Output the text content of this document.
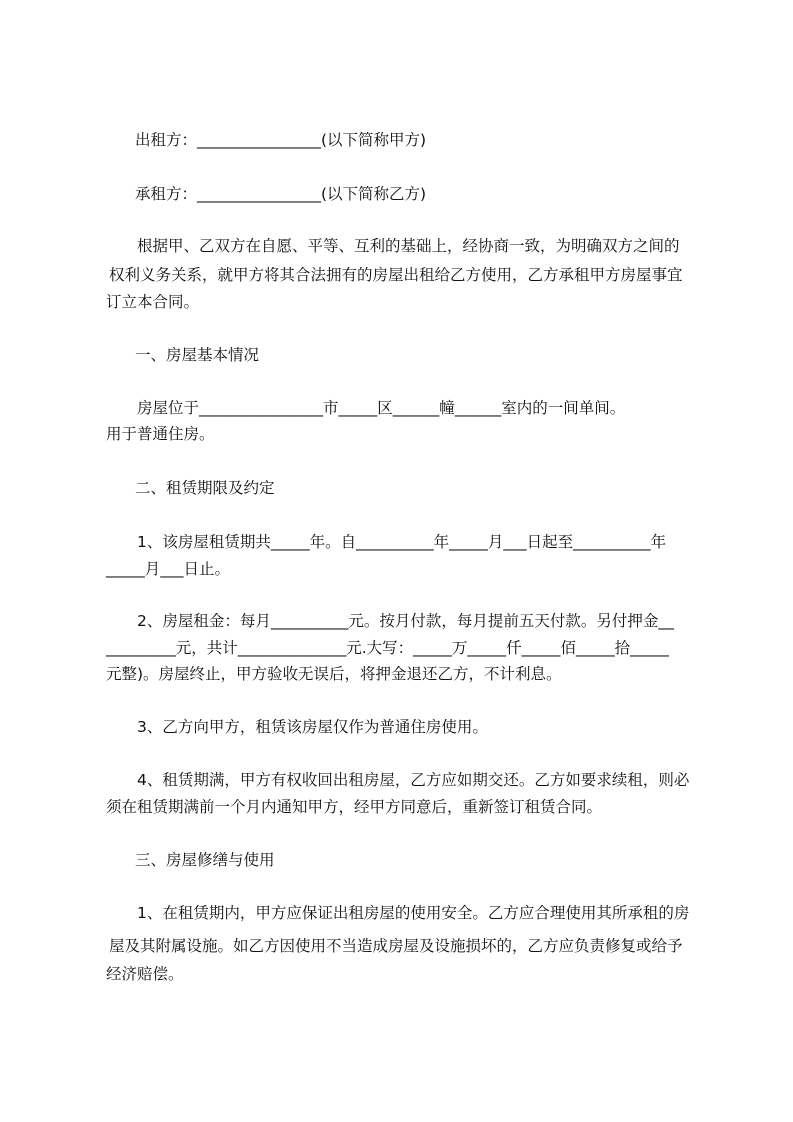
出租方：________________(以下简称甲方)

承租方：________________(以下简称乙方)

根据甲、乙双方在自愿、平等、互利的基础上，经协商一致，为明确双方之间的

权利义务关系，就甲方将其合法拥有的房屋出租给乙方使用，乙方承租甲方房屋事宜

订立本合同。

一、房屋基本情况

房屋位于________________市_____区______幢______室内的一间单间。

用于普通住房。

二、租赁期限及约定

1、该房屋租赁期共_____年。自__________年_____月___日起至__________年

_____月___日止。

2、房屋租金：每月__________元。按月付款，每月提前五天付款。另付押金__

_________元，共计______________元.大写：_____万_____仟_____佰_____拾_____

元整)。房屋终止，甲方验收无误后，将押金退还乙方，不计利息。

3、乙方向甲方，租赁该房屋仅作为普通住房使用。

4、租赁期满，甲方有权收回出租房屋，乙方应如期交还。乙方如要求续租，则必

须在租赁期满前一个月内通知甲方，经甲方同意后，重新签订租赁合同。

三、房屋修缮与使用

1、在租赁期内，甲方应保证出租房屋的使用安全。乙方应合理使用其所承租的房

屋及其附属设施。如乙方因使用不当造成房屋及设施损坏的，乙方应负责修复或给予

经济赔偿。
